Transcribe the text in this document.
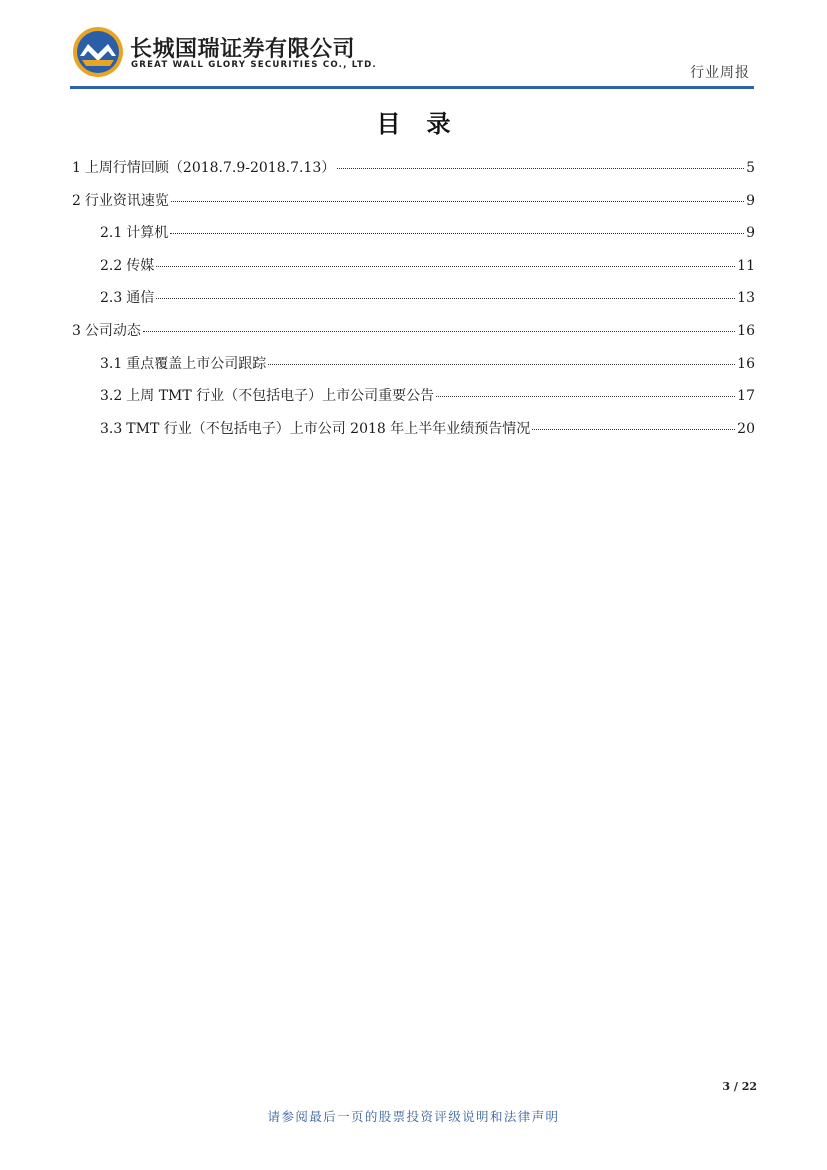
长城国瑞证券有限公司
GREAT WALL GLORY SECURITIES CO., LTD.	行业周报
目录
1 上周行情回顾（2018.7.9-2018.7.13）	5
2 行业资讯速览	9
2.1 计算机	9
2.2 传媒	11
2.3 通信	13
3 公司动态	16
3.1 重点覆盖上市公司跟踪	16
3.2 上周 TMT 行业（不包括电子）上市公司重要公告	17
3.3 TMT 行业（不包括电子）上市公司 2018 年上半年业绩预告情况	20
3 / 22
请参阅最后一页的股票投资评级说明和法律声明
